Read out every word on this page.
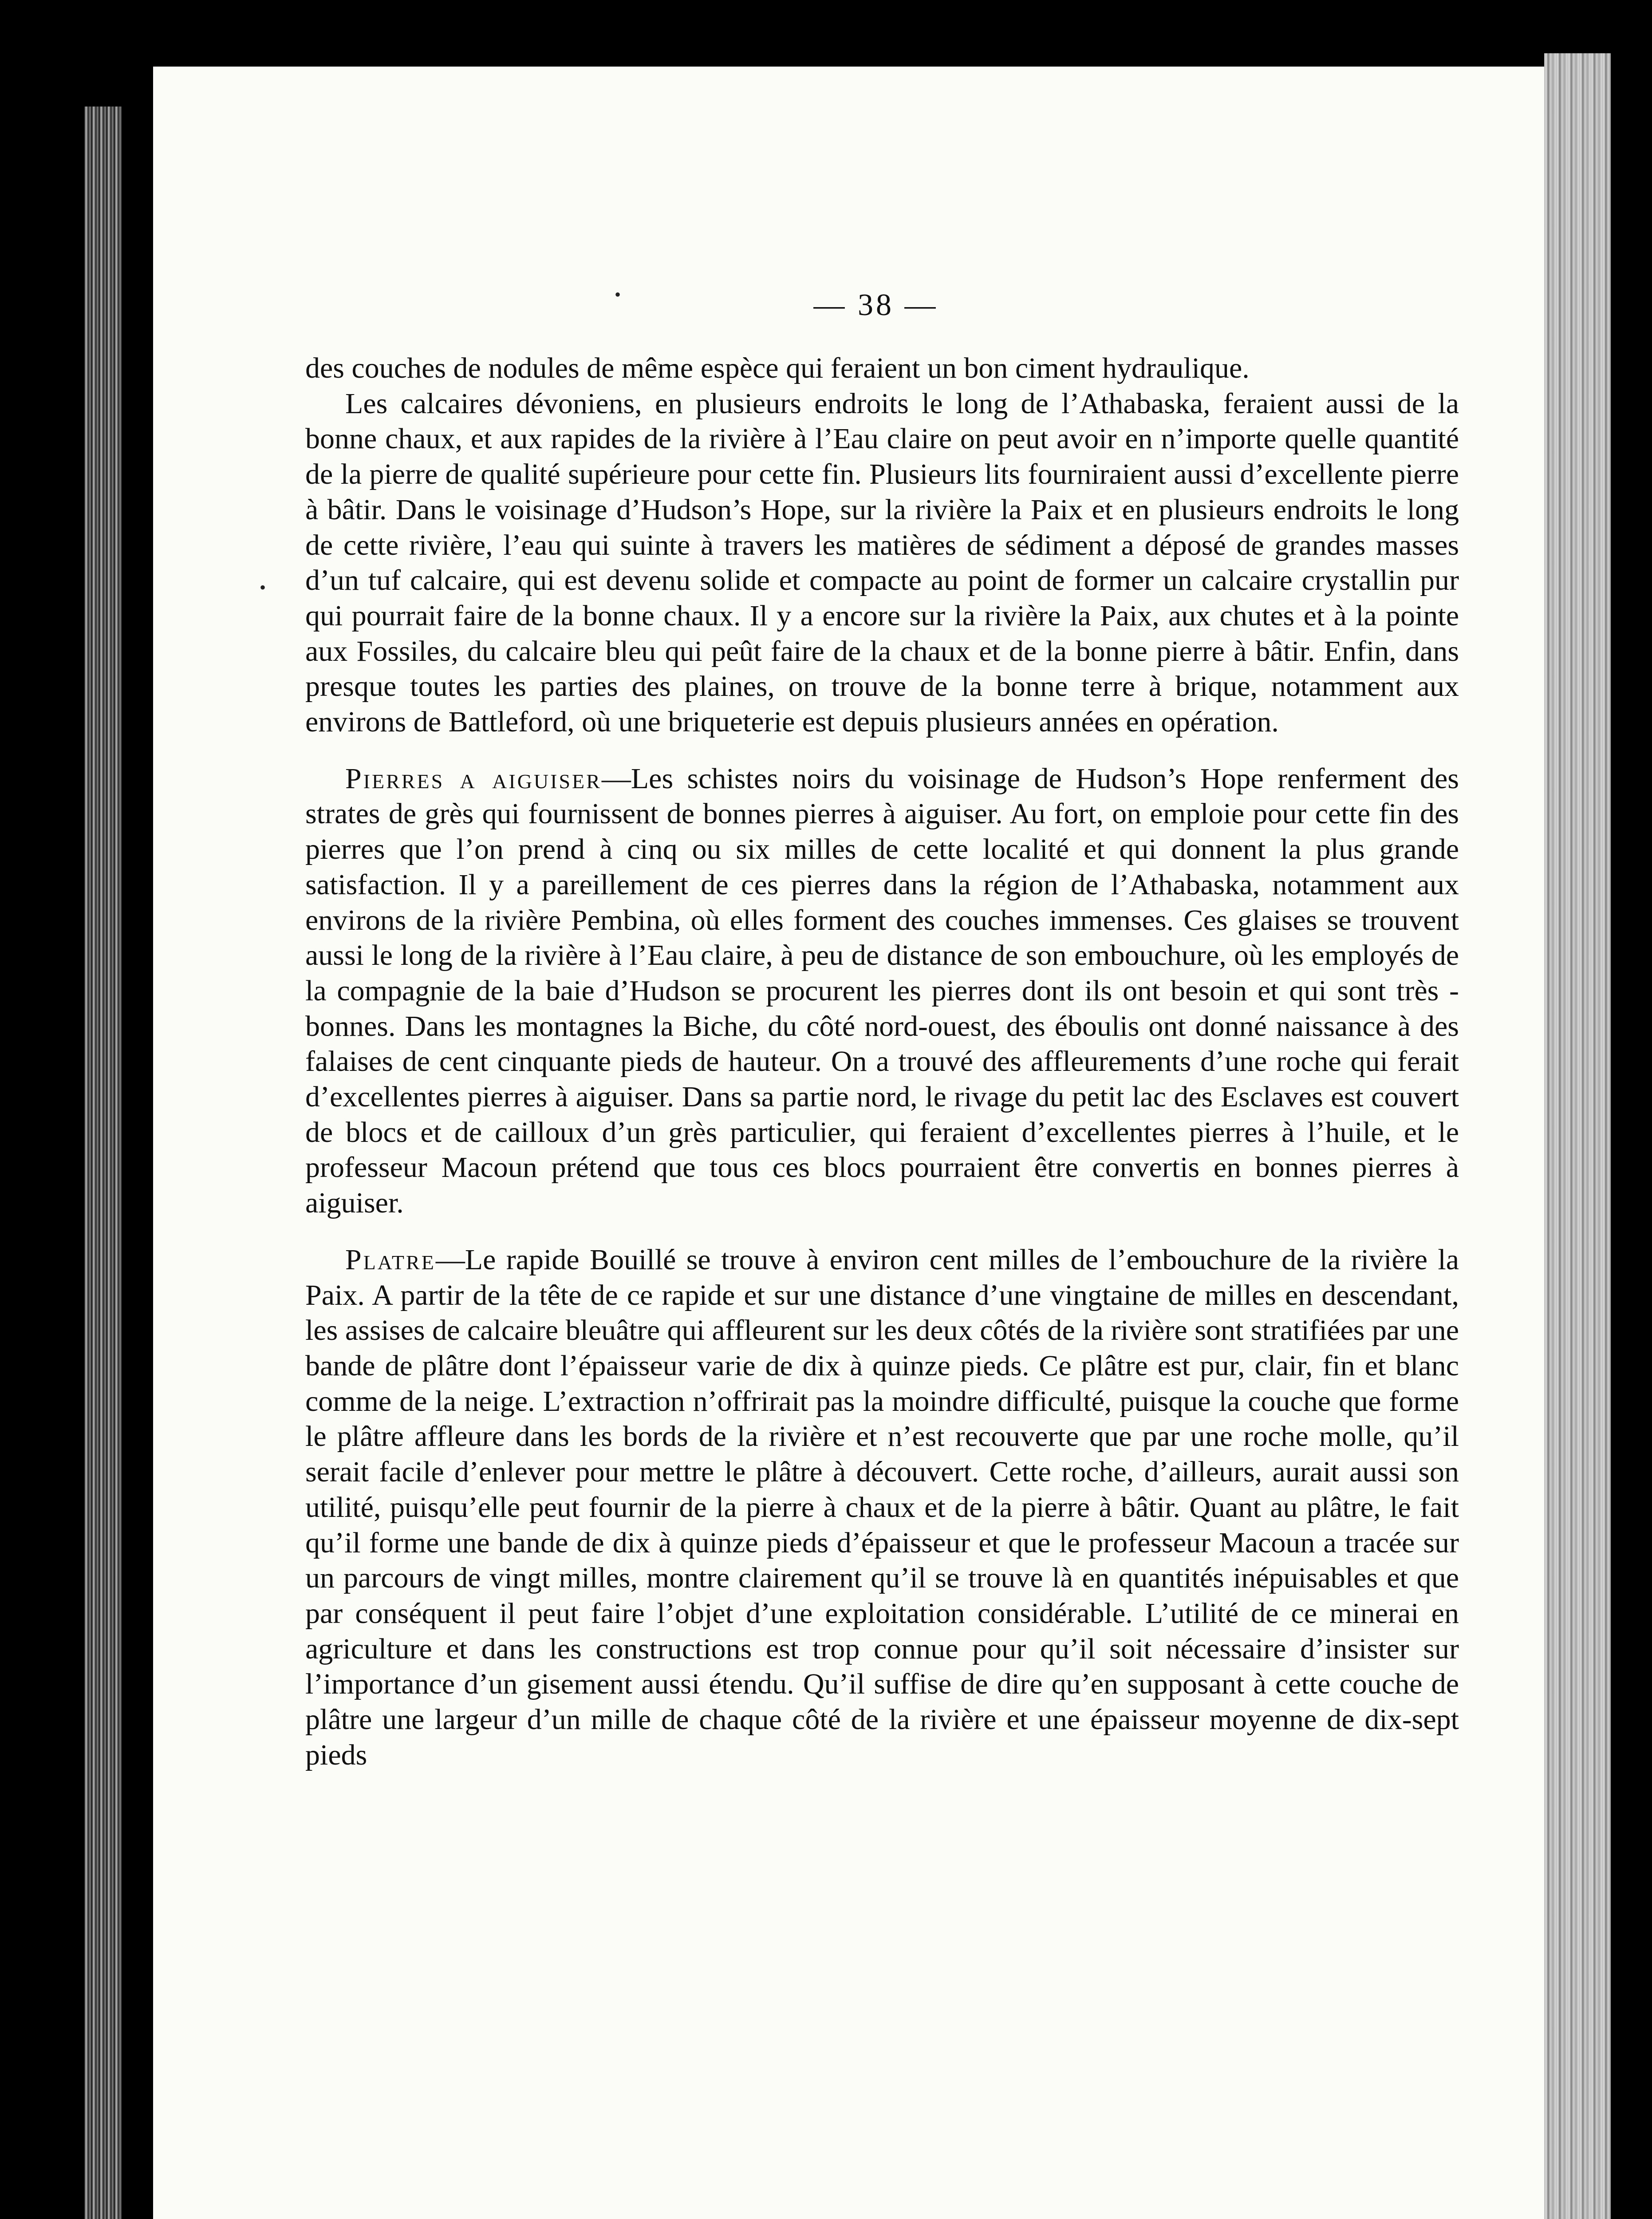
•
•
— 38 —

des couches de nodules de même espèce qui feraient un bon ciment hydraulique.

Les calcaires dévoniens, en plusieurs endroits le long de l’Athabaska, feraient aussi de la bonne chaux, et aux rapides de la rivière à l’Eau claire on peut avoir en n’importe quelle quantité de la pierre de qualité supérieure pour cette fin. Plusieurs lits fourniraient aussi d’excellente pierre à bâtir. Dans le voisinage d’Hudson’s Hope, sur la rivière la Paix et en plusieurs endroits le long de cette rivière, l’eau qui suinte à travers les matières de sédiment a déposé de grandes masses d’un tuf calcaire, qui est devenu solide et compacte au point de former un calcaire crystallin pur qui pourrait faire de la bonne chaux. Il y a encore sur la rivière la Paix, aux chutes et à la pointe aux Fossiles, du calcaire bleu qui peût faire de la chaux et de la bonne pierre à bâtir. Enfin, dans presque toutes les parties des plaines, on trouve de la bonne terre à brique, notamment aux environs de Battleford, où une briqueterie est depuis plusieurs années en opération.

Pierres a aiguiser—Les schistes noirs du voisinage de Hudson’s Hope renferment des strates de grès qui fournissent de bonnes pierres à aiguiser. Au fort, on emploie pour cette fin des pierres que l’on prend à cinq ou six milles de cette localité et qui donnent la plus grande satisfaction. Il y a pareillement de ces pierres dans la région de l’Athabaska, notamment aux environs de la rivière Pembina, où elles forment des couches immenses. Ces glaises se trouvent aussi le long de la rivière à l’Eau claire, à peu de distance de son embouchure, où les employés de la compagnie de la baie d’Hudson se procurent les pierres dont ils ont besoin et qui sont très - bonnes. Dans les montagnes la Biche, du côté nord-ouest, des éboulis ont donné naissance à des falaises de cent cinquante pieds de hauteur. On a trouvé des affleurements d’une roche qui ferait d’excellentes pierres à aiguiser. Dans sa partie nord, le rivage du petit lac des Esclaves est couvert de blocs et de cailloux d’un grès particulier, qui feraient d’excellentes pierres à l’huile, et le professeur Macoun prétend que tous ces blocs pourraient être convertis en bonnes pierres à aiguiser.

Platre—Le rapide Bouillé se trouve à environ cent milles de l’embouchure de la rivière la Paix. A partir de la tête de ce rapide et sur une distance d’une vingtaine de milles en descendant, les assises de calcaire bleuâtre qui affleurent sur les deux côtés de la rivière sont stratifiées par une bande de plâtre dont l’épaisseur varie de dix à quinze pieds. Ce plâtre est pur, clair, fin et blanc comme de la neige. L’extraction n’offrirait pas la moindre difficulté, puisque la couche que forme le plâtre affleure dans les bords de la rivière et n’est recouverte que par une roche molle, qu’il serait facile d’enlever pour mettre le plâtre à découvert. Cette roche, d’ailleurs, aurait aussi son utilité, puisqu’elle peut fournir de la pierre à chaux et de la pierre à bâtir. Quant au plâtre, le fait qu’il forme une bande de dix à quinze pieds d’épaisseur et que le professeur Macoun a tracée sur un parcours de vingt milles, montre clairement qu’il se trouve là en quantités inépuisables et que par conséquent il peut faire l’objet d’une exploitation considérable. L’utilité de ce minerai en agriculture et dans les constructions est trop connue pour qu’il soit nécessaire d’insister sur l’importance d’un gisement aussi étendu. Qu’il suffise de dire qu’en supposant à cette couche de plâtre une largeur d’un mille de chaque côté de la rivière et une épaisseur moyenne de dix-sept pieds
